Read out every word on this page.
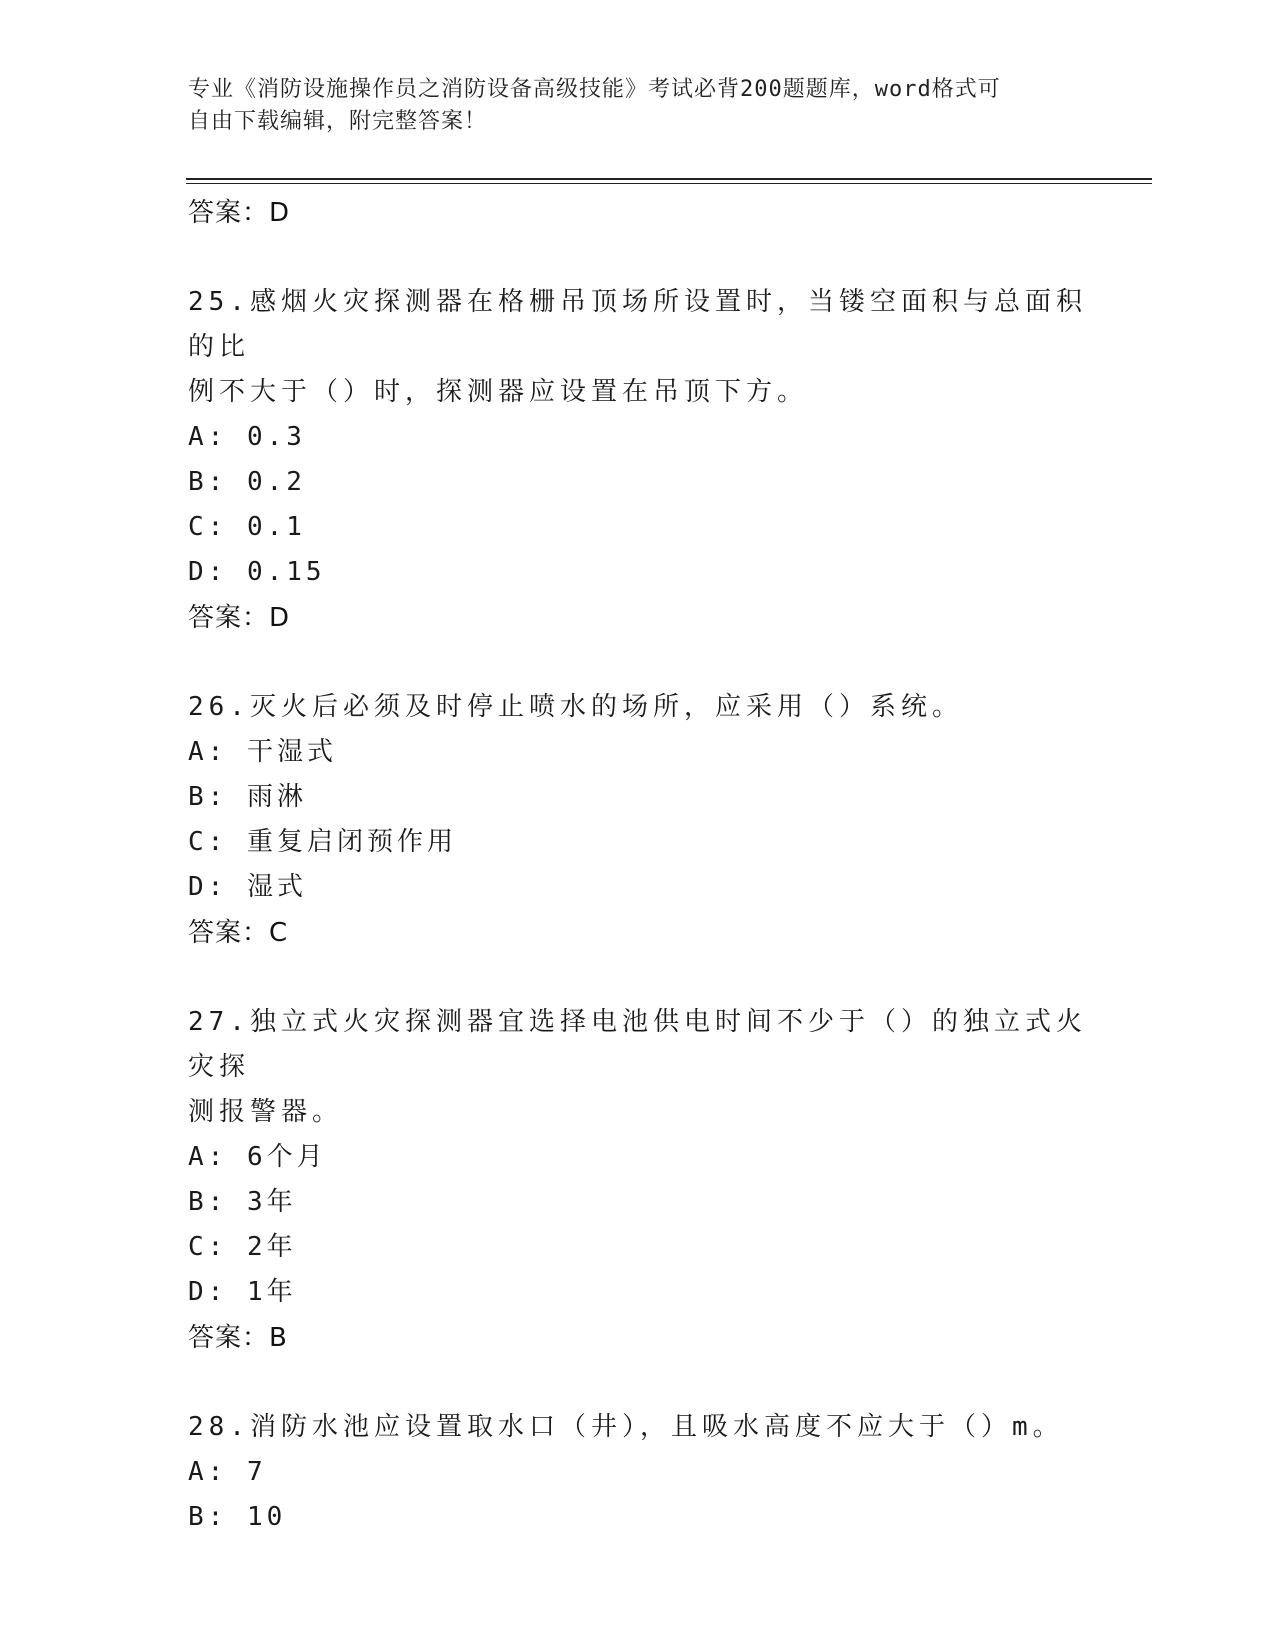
专业《消防设施操作员之消防设备高级技能》考试必背200题题库，word格式可
自由下载编辑，附完整答案！
答案：D
25.感烟火灾探测器在格栅吊顶场所设置时，当镂空面积与总面积的比
例不大于（）时，探测器应设置在吊顶下方。
A: 0.3
B: 0.2
C: 0.1
D: 0.15
答案：D
26.灭火后必须及时停止喷水的场所，应采用（）系统。
A: 干湿式
B: 雨淋
C: 重复启闭预作用
D: 湿式
答案：C
27.独立式火灾探测器宜选择电池供电时间不少于（）的独立式火灾探
测报警器。
A: 6个月
B: 3年
C: 2年
D: 1年
答案：B
28.消防水池应设置取水口（井），且吸水高度不应大于（）m。
A: 7
B: 10
